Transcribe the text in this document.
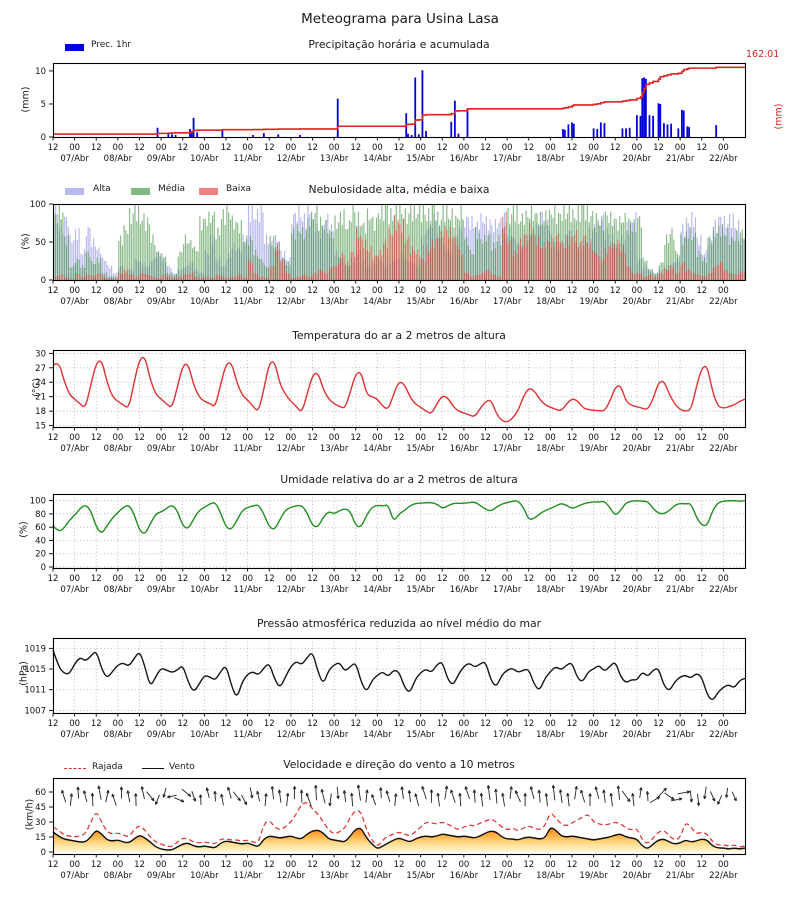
Meteograma para Usina Lasa
Prec. 1hr	Precipitação horária e acumulada
162.01
(mm)
(mm)
Alta	Média	Baixa	Nebulosidade alta, média e baixa
(%)
Temperatura do ar a 2 metros de altura
(°C)
Umidade relativa do ar a 2 metros de altura
(%)
Pressão atmosférica reduzida ao nível médio do mar
(hPa)
Rajada	Vento	Velocidade e direção do vento a 10 metros
(km/h)
